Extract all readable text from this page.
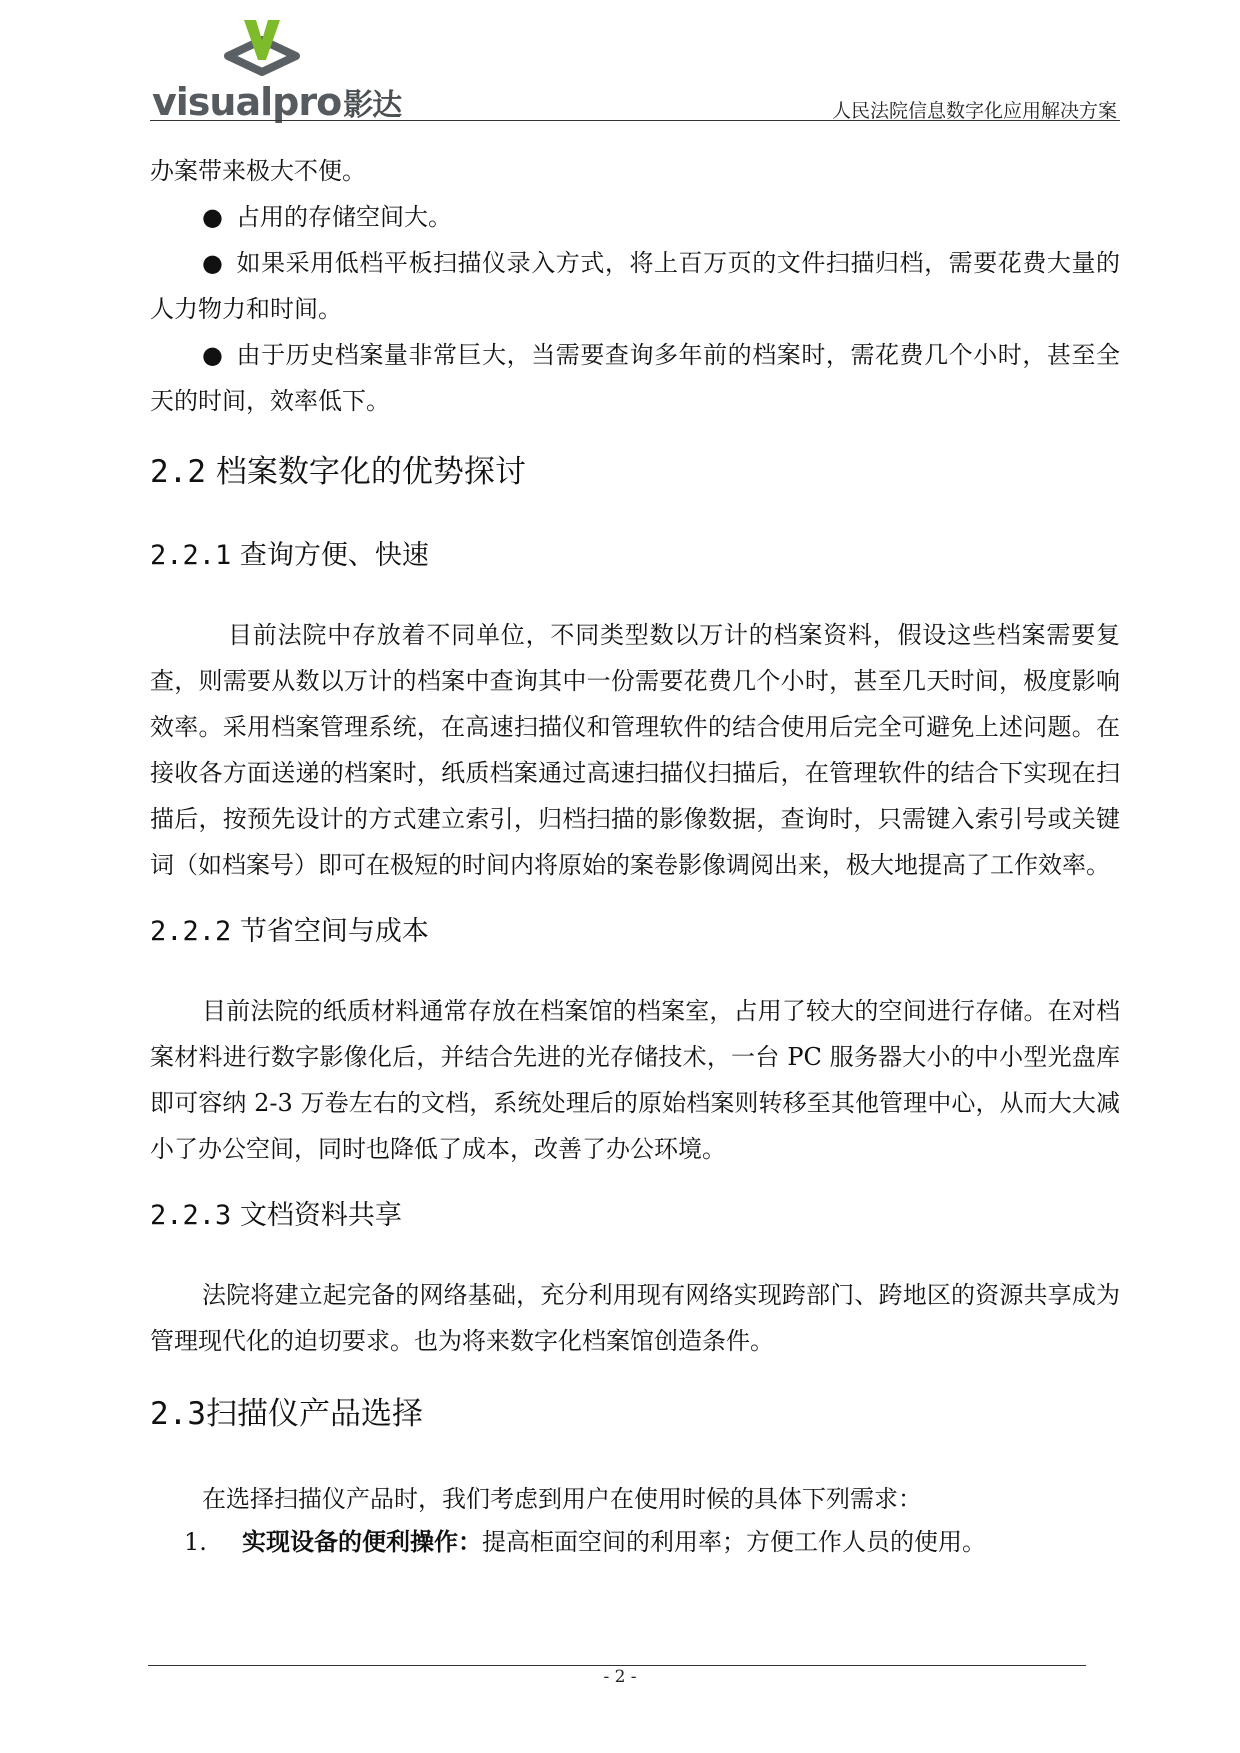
visualpro影达	人民法院信息数字化应用解决方案

办案带来极大不便。

● 占用的存储空间大。

● 如果采用低档平板扫描仪录入方式，将上百万页的文件扫描归档，需要花费大量的人力物力和时间。

● 由于历史档案量非常巨大，当需要查询多年前的档案时，需花费几个小时，甚至全天的时间，效率低下。

2.2 档案数字化的优势探讨
2.2.1 查询方便、快速

目前法院中存放着不同单位，不同类型数以万计的档案资料，假设这些档案需要复查，则需要从数以万计的档案中查询其中一份需要花费几个小时，甚至几天时间，极度影响效率。采用档案管理系统，在高速扫描仪和管理软件的结合使用后完全可避免上述问题。在接收各方面送递的档案时，纸质档案通过高速扫描仪扫描后，在管理软件的结合下实现在扫描后，按预先设计的方式建立索引，归档扫描的影像数据，查询时，只需键入索引号或关键词（如档案号）即可在极短的时间内将原始的案卷影像调阅出来，极大地提高了工作效率。

2.2.2 节省空间与成本

目前法院的纸质材料通常存放在档案馆的档案室，占用了较大的空间进行存储。在对档案材料进行数字影像化后，并结合先进的光存储技术，一台 PC 服务器大小的中小型光盘库即可容纳 2-3 万卷左右的文档，系统处理后的原始档案则转移至其他管理中心，从而大大减小了办公空间，同时也降低了成本，改善了办公环境。

2.2.3 文档资料共享

法院将建立起完备的网络基础，充分利用现有网络实现跨部门、跨地区的资源共享成为管理现代化的迫切要求。也为将来数字化档案馆创造条件。

2.3扫描仪产品选择

在选择扫描仪产品时，我们考虑到用户在使用时候的具体下列需求：

1. 实现设备的便利操作：提高柜面空间的利用率；方便工作人员的使用。
- 2 -
